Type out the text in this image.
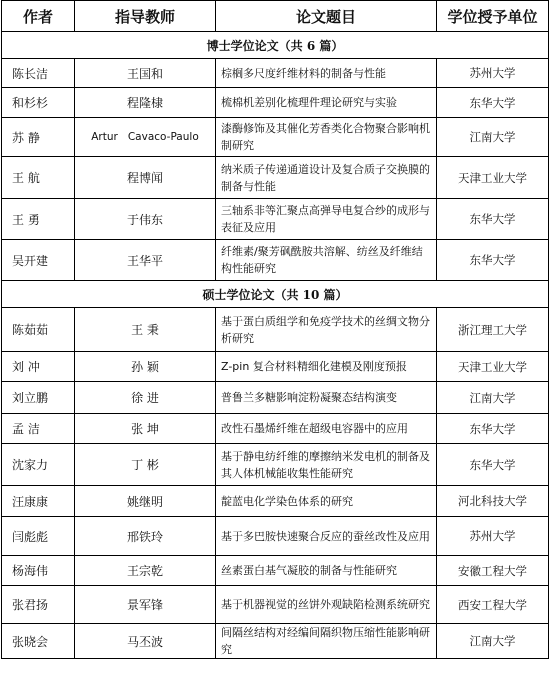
作者	指导教师	论文题目	学位授予单位
博士学位论文（共 6 篇）			
陈长洁	王国和	棕榈多尺度纤维材料的制备与性能	苏州大学
和杉杉	程隆棣	梳棉机差别化梳理件理论研究与实验	东华大学
苏 静	Artur   Cavaco-Paulo	漆酶修饰及其催化芳香类化合物聚合影响机制研究	江南大学
王 航	程博闻	纳米质子传递通道设计及复合质子交换膜的制备与性能	天津工业大学
王 勇	于伟东	三轴系非等汇聚点高弹导电复合纱的成形与表征及应用	东华大学
吴开建	王华平	纤维素/聚芳砜酰胺共溶解、纺丝及纤维结构性能研究	东华大学
硕士学位论文（共 10 篇）			
陈茹茹	王 秉	基于蛋白质组学和免疫学技术的丝绸文物分析研究	浙江理工大学
刘 冲	孙 颖	Z-pin 复合材料精细化建模及刚度预报	天津工业大学
刘立鹏	徐 进	普鲁兰多糖影响淀粉凝聚态结构演变	江南大学
孟 洁	张 坤	改性石墨烯纤维在超级电容器中的应用	东华大学
沈家力	丁 彬	基于静电纺纤维的摩擦纳米发电机的制备及其人体机械能收集性能研究	东华大学
汪康康	姚继明	靛蓝电化学染色体系的研究	河北科技大学
闫彪彪	邢铁玲	基于多巴胺快速聚合反应的蚕丝改性及应用	苏州大学
杨海伟	王宗乾	丝素蛋白基气凝胶的制备与性能研究	安徽工程大学
张君扬	景军锋	基于机器视觉的丝饼外观缺陷检测系统研究	西安工程大学
张晓会	马丕波	间隔丝结构对经编间隔织物压缩性能影响研究	江南大学
